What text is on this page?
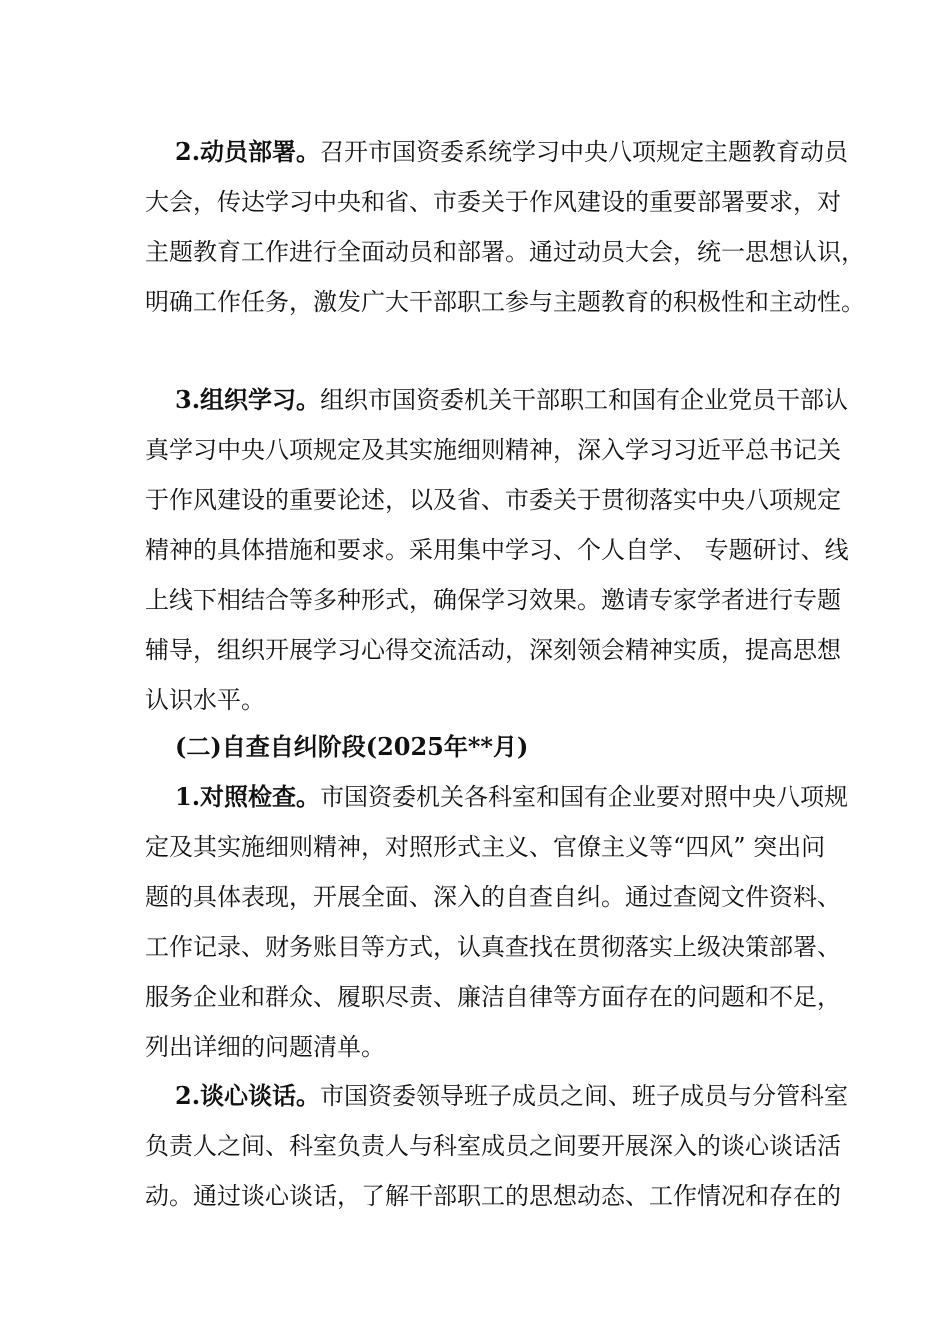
2.动员部署。召开市国资委系统学习中央八项规定主题教育动员
大会，传达学习中央和省、市委关于作风建设的重要部署要求，对
主题教育工作进行全面动员和部署。通过动员大会，统一思想认识，
明确工作任务，激发广大干部职工参与主题教育的积极性和主动性。
3.组织学习。组织市国资委机关干部职工和国有企业党员干部认
真学习中央八项规定及其实施细则精神，深入学习习近平总书记关
于作风建设的重要论述，以及省、市委关于贯彻落实中央八项规定
精神的具体措施和要求。采用集中学习、个人自学、 专题研讨、线
上线下相结合等多种形式，确保学习效果。邀请专家学者进行专题
辅导，组织开展学习心得交流活动，深刻领会精神实质，提高思想
认识水平。
(二)自查自纠阶段(2025年**月)
1.对照检查。市国资委机关各科室和国有企业要对照中央八项规
定及其实施细则精神，对照形式主义、官僚主义等“四风” 突出问
题的具体表现，开展全面、深入的自查自纠。通过查阅文件资料、
工作记录、财务账目等方式，认真查找在贯彻落实上级决策部署、
服务企业和群众、履职尽责、廉洁自律等方面存在的问题和不足，
列出详细的问题清单。
2.谈心谈话。市国资委领导班子成员之间、班子成员与分管科室
负责人之间、科室负责人与科室成员之间要开展深入的谈心谈话活
动。通过谈心谈话，了解干部职工的思想动态、工作情况和存在的
